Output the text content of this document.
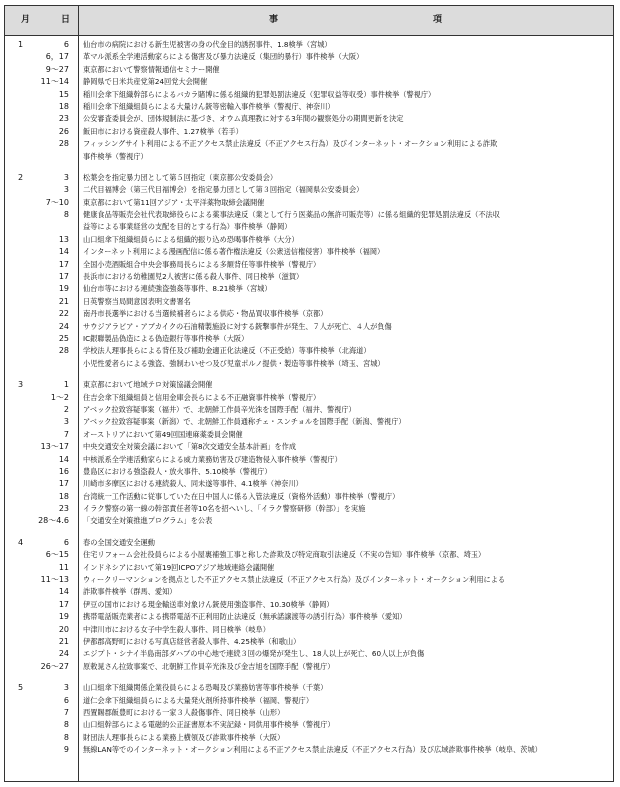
月	日	事	項
1	6 仙台市の病院における新生児被害の身の代金目的誘拐事件、1.8検挙（宮城）
6，17 革マル派系全学連活動家らによる傷害及び暴力法違反（集団的暴行）事件検挙（大阪）
9～27 東京都において警察情報通信セミナー開催
11～14 静岡県で日米共産党第24回党大会開催
15 稲川会傘下組織幹部らによるバカラ賭博に係る組織的犯罪処罰法違反（犯罪収益等収受）事件検挙（警視庁）
18 稲川会傘下組織組員らによる大量けん銃等密輸入事件検挙（警視庁、神奈川）
23 公安審査委員会が、団体規制法に基づき、オウム真理教に対する3年間の観察処分の期間更新を決定
26 飯田市における資産殺人事件、1.27検挙（若手）
28 フィッシングサイト利用による不正アクセス禁止法違反（不正アクセス行為）及びインターネット・オークション利用による詐欺
事件検挙（警視庁）
2	3 松葉会を指定暴力団として第５回指定（東京都公安委員会）
3 二代目福博会（第三代目福博会）を指定暴力団として第３回指定（福岡県公安委員会）
7～10 東京都において第11回アジア・太平洋薬物取締会議開催
8 健康食品等販売会社代表取締役らによる薬事法違反（業として行う医薬品の無許可販売等）に係る組織的犯罪処罰法違反（不法収
益等による事業経営の支配を目的とする行為）事件検挙（静岡）
13 山口組傘下組織組員らによる組織的振り込め恐喝事件検挙（大分）
14 インターネット利用による漫画配信に係る著作権法違反（公衆送信権侵害）事件検挙（福岡）
17 全国小売酒販組合中央会事務局長らによる多額背任等事件検挙（警視庁）
17 長浜市における幼稚園児2人被害に係る殺人事件、同日検挙（滋賀）
19 仙台市等における連続強盗強姦等事件、8.21検挙（宮城）
21 日英警察当局間意図表明文書署名
22 南丹市長選挙における当選候補者らによる供応・物品買収事件検挙（京都）
24 サウジアラビア・アブカイクの石油精製施設に対する銃撃事件が発生、７人が死亡、４人が負傷
25 IC銀聯製品偽造による偽造銀行等事件検挙（大阪）
28 学校法人理事長らによる背任及び補助金適正化法違反（不正受給）等事件検挙（北海道）
小児性愛者らによる強盗、強制わいせつ及び児童ポルノ提供・製造等事件検挙（埼玉、宮城）
3	1 東京都において地域テロ対策協議会開催
1～2 住吉会傘下組織組員と信用金庫会長らによる不正融資事件検挙（警視庁）
2 アベック拉致容疑事案（福井）で、北朝鮮工作員辛光洙を国際手配（福井、警視庁）
3 アベック拉致容疑事案（新潟）で、北朝鮮工作員通称チェ・スンチョルを国際手配（新潟、警視庁）
7 オーストリアにおいて第49回国連麻薬委員会開催
13～17 中央交通安全対策会議において「第8次交通安全基本計画」を作成
14 中核派系全学連活動家らによる威力業務妨害及び建造物侵入事件検挙（警視庁）
16 豊島区における強盗殺人・放火事件、5.10検挙（警視庁）
17 川崎市多摩区における連続殺人、同未遂等事件、4.1検挙（神奈川）
18 台湾統一工作活動に従事していた在日中国人に係る入管法違反（資格外活動）事件検挙（警視庁）
23 イラク警察の第一線の幹部責任者等10名を招へいし、「イラク警察研修（幹部）」を実施
28～4.6 「交通安全対策推進プログラム」を公表
4	6 春の全国交通安全運動
6～15 住宅リフォーム会社役員らによる小屋裏補強工事と称した詐欺及び特定商取引法違反（不実の告知）事件検挙（京都、埼玉）
11 インドネシアにおいて第19回ICPOアジア地域連絡会議開催
11～13 ウィークリーマンションを拠点とした不正アクセス禁止法違反（不正アクセス行為）及びインターネット・オークション利用による
14 詐欺事件検挙（群馬、愛知）
17 伊豆の国市における現金輸送車対象けん銃使用強盗事件、10.30検挙（静岡）
19 携帯電話販売業者による携帯電話不正利用防止法違反（無承諾譲渡等の誘引行為）事件検挙（愛知）
20 中津川市における女子中学生殺人事件、同日検挙（岐阜）
21 伊都郡高野町における写真店経営者殺人事件、4.25検挙（和歌山）
24 エジプト・シナイ半島南部ダハブの中心地で連続３回の爆発が発生し、18人以上が死亡、60人以上が負傷
26～27 原敕晁さん拉致事案で、北朝鮮工作員辛光洙及び金吉旭を国際手配（警視庁）
5	3 山口組傘下組織関係企業役員らによる恐喝及び業務妨害等事件検挙（千葉）
6 道仁会傘下組織組員らによる大量発火剤所持事件検挙（福岡、警視庁）
7 西置賜郡飯豊町における一家３人殺傷事件、同日検挙（山形）
8 山口組幹部らによる電磁的公正証書原本不実記録・同供用事件検挙（警視庁）
8 財団法人理事長らによる業務上横領及び詐欺事件検挙（大阪）
9 無線LAN等でのインターネット・オークション利用による不正アクセス禁止法違反（不正アクセス行為）及び広域詐欺事件検挙（岐阜、茨城）
